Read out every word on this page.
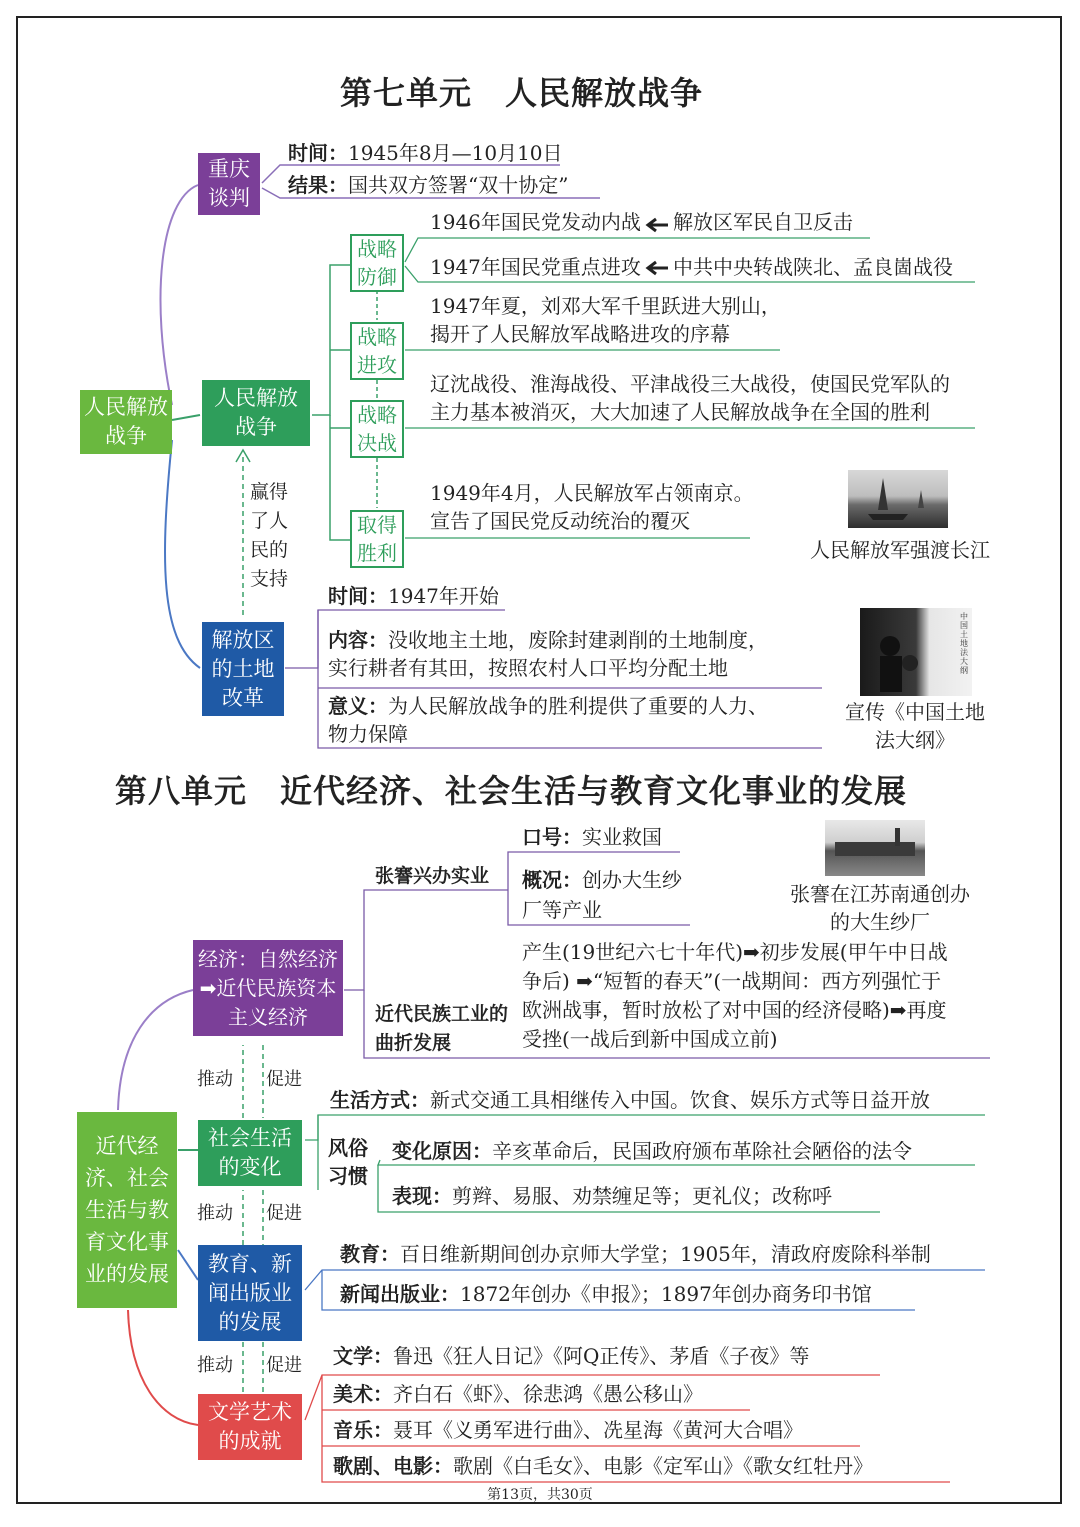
第七单元　人民解放战争
人民解放战争
重庆谈判
时间：1945年8月—10月10日
结果：国共双方签署“双十协定”
人民解放战争
战略防御
战略进攻
战略决战
取得胜利
1946年国民党发动内战 解放区军民自卫反击
1947年国民党重点进攻 中共中央转战陕北、孟良崮战役
1947年夏，刘邓大军千里跃进大别山，
揭开了人民解放军战略进攻的序幕
辽沈战役、淮海战役、平津战役三大战役，使国民党军队的
主力基本被消灭，大大加速了人民解放战争在全国的胜利
1949年4月，人民解放军占领南京。
宣告了国民党反动统治的覆灭
人民解放军强渡长江
赢得了人民的支持
解放区的土地改革
时间：1947年开始
内容：没收地主土地，废除封建剥削的土地制度，
实行耕者有其田，按照农村人口平均分配土地
意义：为人民解放战争的胜利提供了重要的人力、
物力保障
中国土地法大纲
宣传《中国土地法大纲》
第八单元　近代经济、社会生活与教育文化事业的发展
近代经济、社会生活与教育文化事业的发展
经济：自然经济➡近代民族资本主义经济
张謇兴办实业
口号：实业救国
概况：创办大生纱
厂等产业
张謇在江苏南通创办的大生纱厂
近代民族工业的曲折发展
产生(19世纪六七十年代)➡初步发展(甲午中日战
争后) ➡“短暂的春天”(一战期间：西方列强忙于
欧洲战事，暂时放松了对中国的经济侵略)➡再度
受挫(一战后到新中国成立前)
推动 促进
社会生活的变化
生活方式：新式交通工具相继传入中国。饮食、娱乐方式等日益开放
风俗习惯
变化原因：辛亥革命后，民国政府颁布革除社会陋俗的法令
表现：剪辫、易服、劝禁缠足等；更礼仪；改称呼
推动 促进
教育、新闻出版业的发展
教育：百日维新期间创办京师大学堂；1905年，清政府废除科举制
新闻出版业：1872年创办《申报》；1897年创办商务印书馆
推动 促进
文学艺术的成就
文学：鲁迅《狂人日记》《阿Q正传》、茅盾《子夜》等
美术：齐白石《虾》、徐悲鸿《愚公移山》
音乐：聂耳《义勇军进行曲》、冼星海《黄河大合唱》
歌剧、电影：歌剧《白毛女》、电影《定军山》《歌女红牡丹》
第13页，共30页
